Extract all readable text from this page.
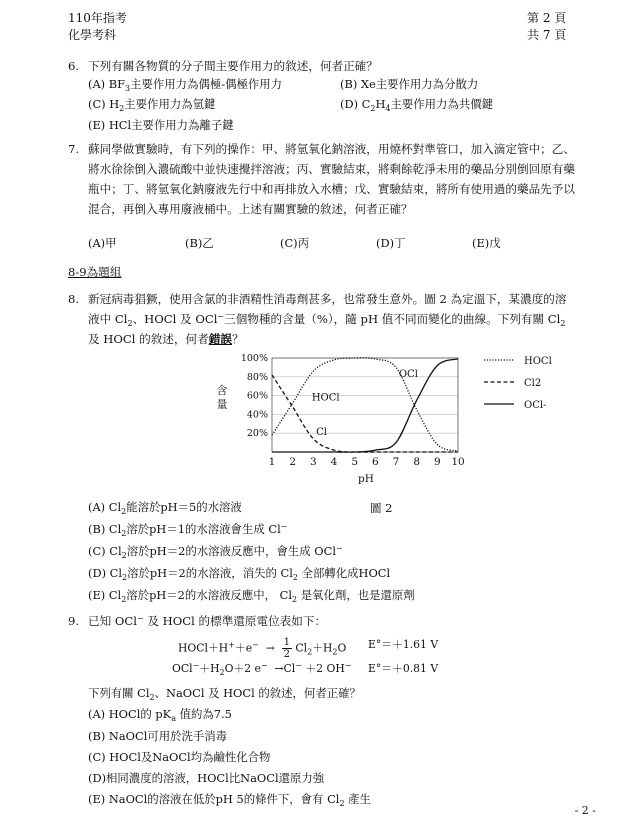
110年指考
化學考科
第 2 頁
共 7 頁
6. 下列有關各物質的分子間主要作用力的敘述，何者正確？
(A) $BF_3$主要作用力為偶極-偶極作用力	(B) Xe主要作用力為分散力
(C) $H_2$主要作用力為氫鍵	(D) $C_2H_4$主要作用力為共價鍵
(E) HCl主要作用力為離子鍵
7. 蘇同學做實驗時，有下列的操作：甲、將氫氧化鈉溶液，用燒杯對準管口，加入滴定管中；乙、將水徐徐倒入濃硫酸中並快速攪拌溶液；丙、實驗結束，將剩餘乾淨未用的藥品分別倒回原有藥瓶中；丁、將氫氧化鈉廢液先行中和再排放入水槽；戊、實驗結束，將所有使用過的藥品先予以混合，再倒入專用廢液桶中。上述有關實驗的敘述，何者正確？
(A)甲	(B)乙	(C)丙	(D)丁	(E)戊
8-9為題組
8. 新冠病毒猖獗，使用含氯的非酒精性消毒劑甚多，也常發生意外。圖 2 為定溫下，某濃度的溶液中 $Cl_2$、HOCl 及 OCl−三個物種的含量（%），隨 pH 值不同而變化的曲線。下列有關 $Cl_2$ 及 HOCl 的敘述，何者錯誤？
20%
40%
60%
80%
100%
1 2 3 4 5 6 7 8 9 10
pH
含
量
HOCl
Cl
OCl
HOCl
Cl2
OCl-
圖 2
(A) $Cl_2$能溶於pH＝5的水溶液
(B) $Cl_2$溶於pH＝1的水溶液會生成 Cl−
(C) $Cl_2$溶於pH＝2的水溶液反應中，會生成 OCl−
(D) $Cl_2$溶於pH＝2的水溶液，消失的 $Cl_2$ 全部轉化成HOCl
(E) $Cl_2$溶於pH＝2的水溶液反應中， $Cl_2$ 是氧化劑，也是還原劑
9. 已知 OCl− 及 HOCl 的標準還原電位表如下：
HOCl＋H+＋e−  →  1
2 $Cl_2+H_2O$ E°＝＋1.61 V
$OCl^-+H_2O+2$ e−  →Cl− ＋2 OH− E°＝＋0.81 V
下列有關 $Cl_2$、NaOCl 及 HOCl 的敘述，何者正確？
(A) HOCl的 $pK_a$ 值約為7.5
(B) NaOCl可用於洗手消毒
(C) HOCl及NaOCl均為鹼性化合物
(D)相同濃度的溶液，HOCl比NaOCl還原力強
(E) NaOCl的溶液在低於pH 5的條件下，會有 $Cl_2$ 產生
- 2 -
